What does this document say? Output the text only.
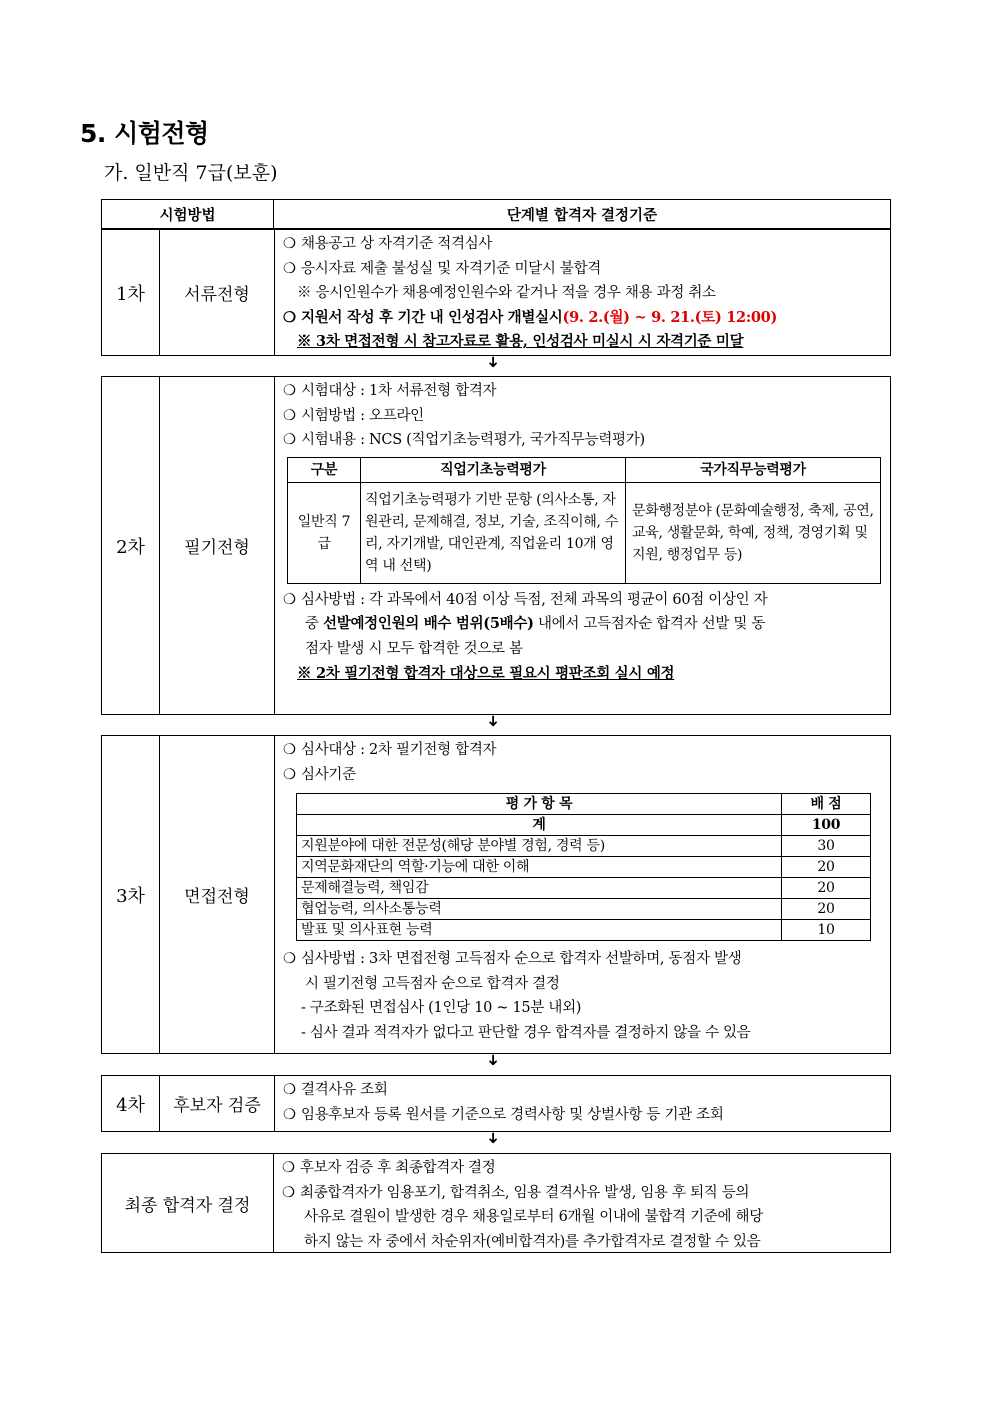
5. 시험전형
가. 일반직 7급(보훈)
시험방법	단계별 합격자 결정기준
1차	서류전형
❍ 채용공고 상 자격기준 적격심사
❍ 응시자료 제출 불성실 및 자격기준 미달시 불합격
※ 응시인원수가 채용예정인원수와 같거나 적을 경우 채용 과정 취소
❍ 지원서 작성 후 기간 내 인성검사 개별실시(9. 2.(월) ~ 9. 21.(토) 12:00)
※ 3차 면접전형 시 참고자료로 활용, 인성검사 미실시 시 자격기준 미달
➜
2차	필기전형
❍ 시험대상 : 1차 서류전형 합격자
❍ 시험방법 : 오프라인
❍ 시험내용 : NCS (직업기초능력평가, 국가직무능력평가)
구분	직업기초능력평가	국가직무능력평가
일반직 7급	직업기초능력평가 기반 문항 (의사소통, 자원관리, 문제해결, 정보, 기술, 조직이해, 수리, 자기개발, 대인관계, 직업윤리 10개 영역 내 선택)	문화행정분야 (문화예술행정, 축제, 공연, 교육, 생활문화, 학예, 정책, 경영기획 및 지원, 행정업무 등)
❍ 심사방법 : 각 과목에서 40점 이상 득점, 전체 과목의 평균이 60점 이상인 자
중 선발예정인원의 배수 범위(5배수) 내에서 고득점자순 합격자 선발 및 동
점자 발생 시 모두 합격한 것으로 봄
※ 2차 필기전형 합격자 대상으로 필요시 평판조회 실시 예정
➜
3차	면접전형
❍ 심사대상 : 2차 필기전형 합격자
❍ 심사기준
평 가 항 목	배 점
계	100
지원분야에 대한 전문성(해당 분야별 경험, 경력 등)	30
지역문화재단의 역할·기능에 대한 이해	20
문제해결능력, 책임감	20
협업능력, 의사소통능력	20
발표 및 의사표현 능력	10
❍ 심사방법 : 3차 면접전형 고득점자 순으로 합격자 선발하며, 동점자 발생
시 필기전형 고득점자 순으로 합격자 결정
- 구조화된 면접심사 (1인당 10 ~ 15분 내외)
- 심사 결과 적격자가 없다고 판단할 경우 합격자를 결정하지 않을 수 있음
➜
4차	후보자 검증
❍ 결격사유 조회
❍ 임용후보자 등록 원서를 기준으로 경력사항 및 상벌사항 등 기관 조회
➜
최종 합격자 결정
❍ 후보자 검증 후 최종합격자 결정
❍ 최종합격자가 임용포기, 합격취소, 임용 결격사유 발생, 임용 후 퇴직 등의
사유로 결원이 발생한 경우 채용일로부터 6개월 이내에 불합격 기준에 해당
하지 않는 자 중에서 차순위자(예비합격자)를 추가합격자로 결정할 수 있음
